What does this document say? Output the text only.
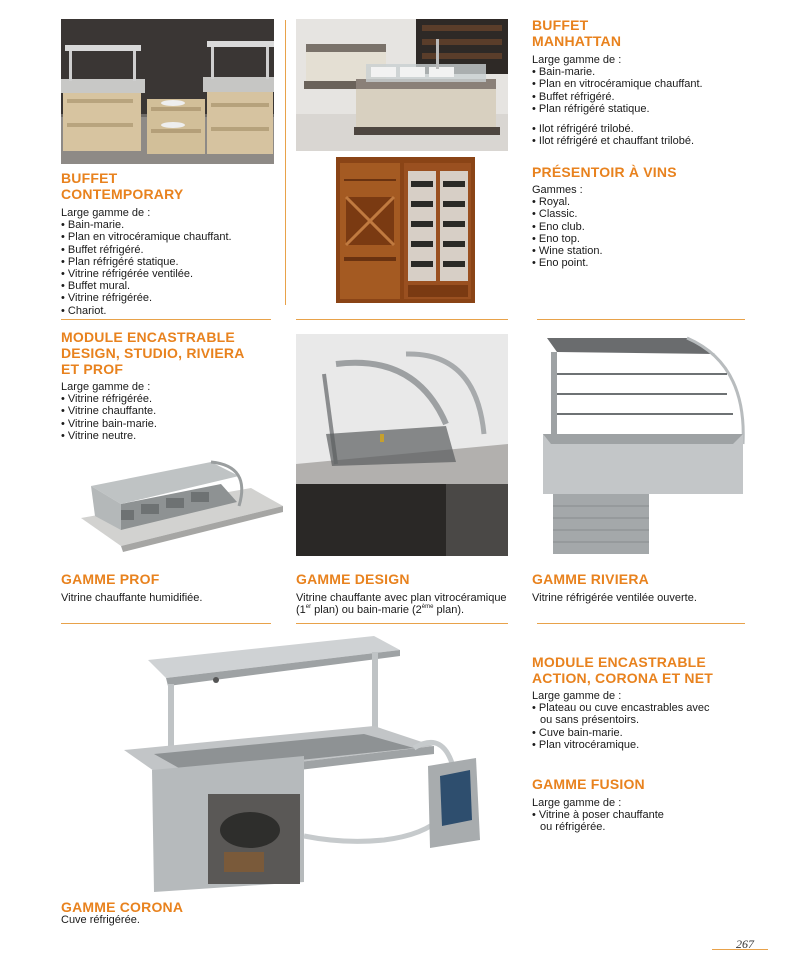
BUFFET CONTEMPORARY
Large gamme de :
• Bain-marie.
• Plan en vitrocéramique chauffant.
• Buffet réfrigéré.
• Plan réfrigéré statique.
• Vitrine réfrigérée ventilée.
• Buffet mural.
• Vitrine réfrigérée.
• Chariot.
BUFFET MANHATTAN
Large gamme de :
• Bain-marie.
• Plan en vitrocéramique chauffant.
• Buffet réfrigéré.
• Plan réfrigéré statique.
• Ilot réfrigéré trilobé.
• Ilot réfrigéré et chauffant trilobé.
PRÉSENTOIR À VINS
Gammes :
• Royal.
• Classic.
• Eno club.
• Eno top.
• Wine station.
• Eno point.
MODULE ENCASTRABLE DESIGN, STUDIO, RIVIERA ET PROF
Large gamme de :
• Vitrine réfrigérée.
• Vitrine chauffante.
• Vitrine bain-marie.
• Vitrine neutre.
GAMME PROF
Vitrine chauffante humidifiée.
GAMME DESIGN
Vitrine chauffante avec plan vitrocéramique
(1er plan) ou bain-marie (2ème plan).
GAMME RIVIERA
Vitrine réfrigérée ventilée ouverte.
MODULE ENCASTRABLE ACTION, CORONA ET NET
Large gamme de :
• Plateau ou cuve encastrables avec
ou sans présentoirs.
• Cuve bain-marie.
• Plan vitrocéramique.
GAMME FUSION
Large gamme de :
• Vitrine à poser chauffante
ou réfrigérée.
GAMME CORONA
Cuve réfrigérée.
267
